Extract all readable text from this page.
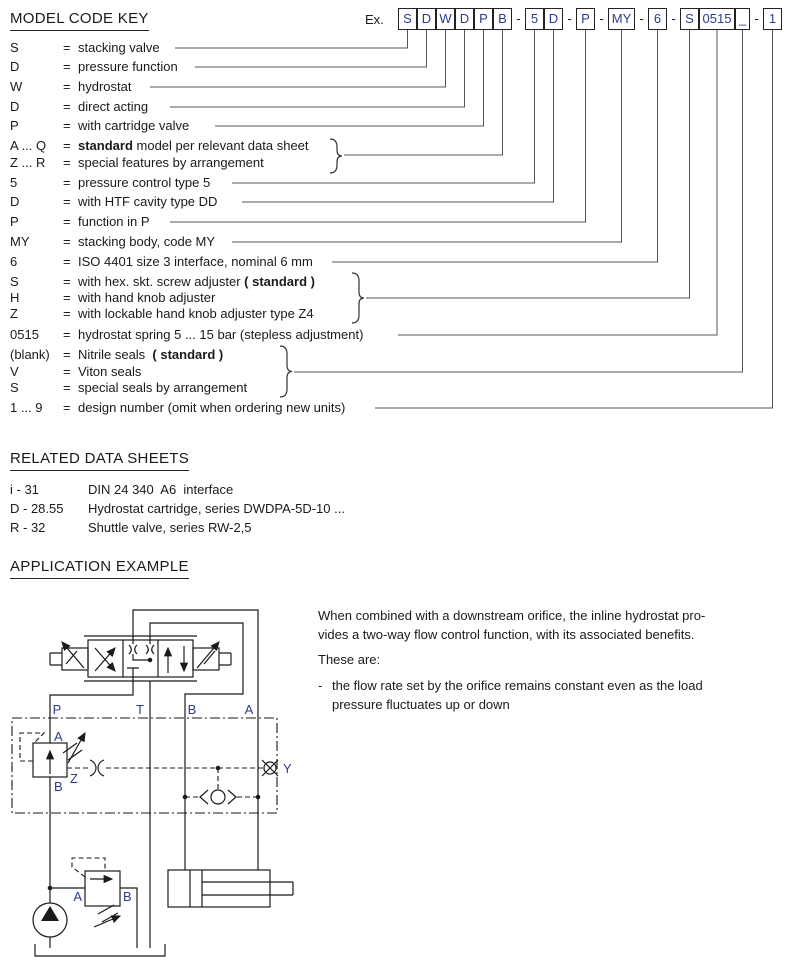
MODEL CODE KEY	Ex.	S D W D P B - 5 D - P - MY - 6 - S 0515 _ - 1
S	= stacking valve
D	= pressure function
W	= hydrostat
D	= direct acting
P	= with cartridge valve
A ... Q = standard model per relevant data sheet
Z ... R = special features by arrangement
5	= pressure control type 5
D	= with HTF cavity type DD
P	= function in P
MY	= stacking body, code MY
6	= ISO 4401 size 3 interface, nominal 6 mm
S	= with hex. skt. screw adjuster ( standard )
H	= with hand knob adjuster
Z	= with lockable hand knob adjuster type Z4
0515 = hydrostat spring 5 ... 15 bar (stepless adjustment)
(blank) = Nitrile seals  ( standard )
V	= Viton seals
S	= special seals by arrangement
1 ... 9 = design number (omit when ordering new units)
RELATED DATA SHEETS
i - 31	DIN 24 340  A6  interface
D - 28.55 Hydrostat cartridge, series DWDPA-5D-10 ...
R - 32	Shuttle valve, series RW-2,5
APPLICATION EXAMPLE
When combined with a downstream orifice, the inline hydrostat pro-
vides a two-way flow control function, with its associated benefits.
These are:
- the flow rate set by the orifice remains constant even as the load
pressure fluctuates up or down
P	T	B	A
A
B
Z
Y
A	B
